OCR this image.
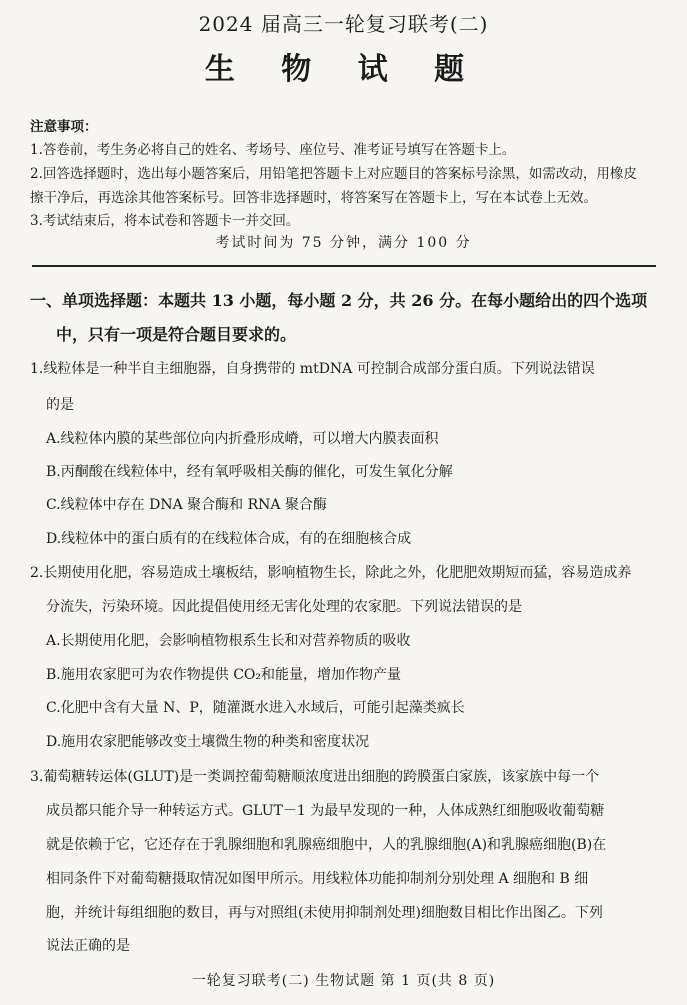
2024 届高三一轮复习联考(二)
生 物 试 题
注意事项：
1.答卷前，考生务必将自己的姓名、考场号、座位号、准考证号填写在答题卡上。
2.回答选择题时，选出每小题答案后，用铅笔把答题卡上对应题目的答案标号涂黑，如需改动，用橡皮
擦干净后，再选涂其他答案标号。回答非选择题时，将答案写在答题卡上，写在本试卷上无效。
3.考试结束后，将本试卷和答题卡一并交回。
考试时间为 75 分钟，满分 100 分
一、单项选择题：本题共 13 小题，每小题 2 分，共 26 分。在每小题给出的四个选项
中，只有一项是符合题目要求的。
1.线粒体是一种半自主细胞器，自身携带的 mtDNA 可控制合成部分蛋白质。下列说法错误
的是
A.线粒体内膜的某些部位向内折叠形成嵴，可以增大内膜表面积
B.丙酮酸在线粒体中，经有氧呼吸相关酶的催化，可发生氧化分解
C.线粒体中存在 DNA 聚合酶和 RNA 聚合酶
D.线粒体中的蛋白质有的在线粒体合成，有的在细胞核合成
2.长期使用化肥，容易造成土壤板结，影响植物生长，除此之外，化肥肥效期短而猛，容易造成养
分流失，污染环境。因此提倡使用经无害化处理的农家肥。下列说法错误的是
A.长期使用化肥，会影响植物根系生长和对营养物质的吸收
B.施用农家肥可为农作物提供 CO₂和能量，增加作物产量
C.化肥中含有大量 N、P，随灌溉水进入水域后，可能引起藻类疯长
D.施用农家肥能够改变土壤微生物的种类和密度状况
3.葡萄糖转运体(GLUT)是一类调控葡萄糖顺浓度进出细胞的跨膜蛋白家族，该家族中每一个
成员都只能介导一种转运方式。GLUT－1 为最早发现的一种，人体成熟红细胞吸收葡萄糖
就是依赖于它，它还存在于乳腺细胞和乳腺癌细胞中，人的乳腺细胞(A)和乳腺癌细胞(B)在
相同条件下对葡萄糖摄取情况如图甲所示。用线粒体功能抑制剂分别处理 A 细胞和 B 细
胞，并统计每组细胞的数目，再与对照组(未使用抑制剂处理)细胞数目相比作出图乙。下列
说法正确的是
一轮复习联考(二) 生物试题 第 1 页(共 8 页)
